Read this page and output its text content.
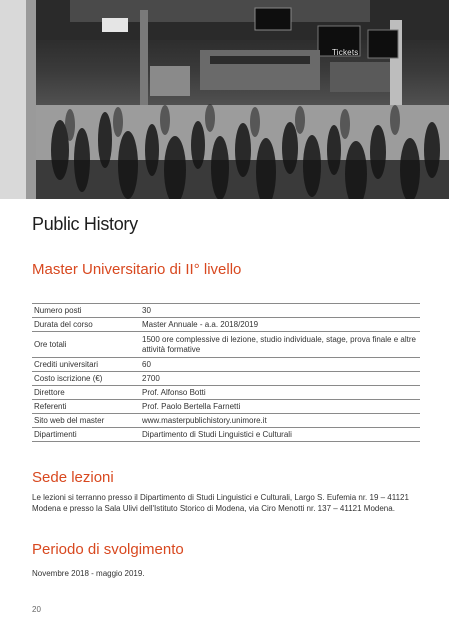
Tickets
Public History
Master Universitario di II° livello
Numero posti	30
Durata del corso	Master Annuale - a.a. 2018/2019
Ore totali	1500 ore complessive di lezione, studio individuale, stage, prova finale e altre attività formative
Crediti universitari	60
Costo iscrizione (€)	2700
Direttore	Prof. Alfonso Botti
Referenti	Prof. Paolo Bertella Farnetti
Sito web del master	www.masterpublichistory.unimore.it
Dipartimenti	Dipartimento di Studi Linguistici e Culturali
Sede lezioni

Le lezioni si terranno presso il Dipartimento di Studi Linguistici e Culturali, Largo S. Eufemia nr. 19 – 41121 Modena e presso la Sala Ulivi dell'Istituto Storico di Modena, via Ciro Menotti nr. 137 – 41121 Modena.

Periodo di svolgimento

Novembre 2018 - maggio 2019.

20
